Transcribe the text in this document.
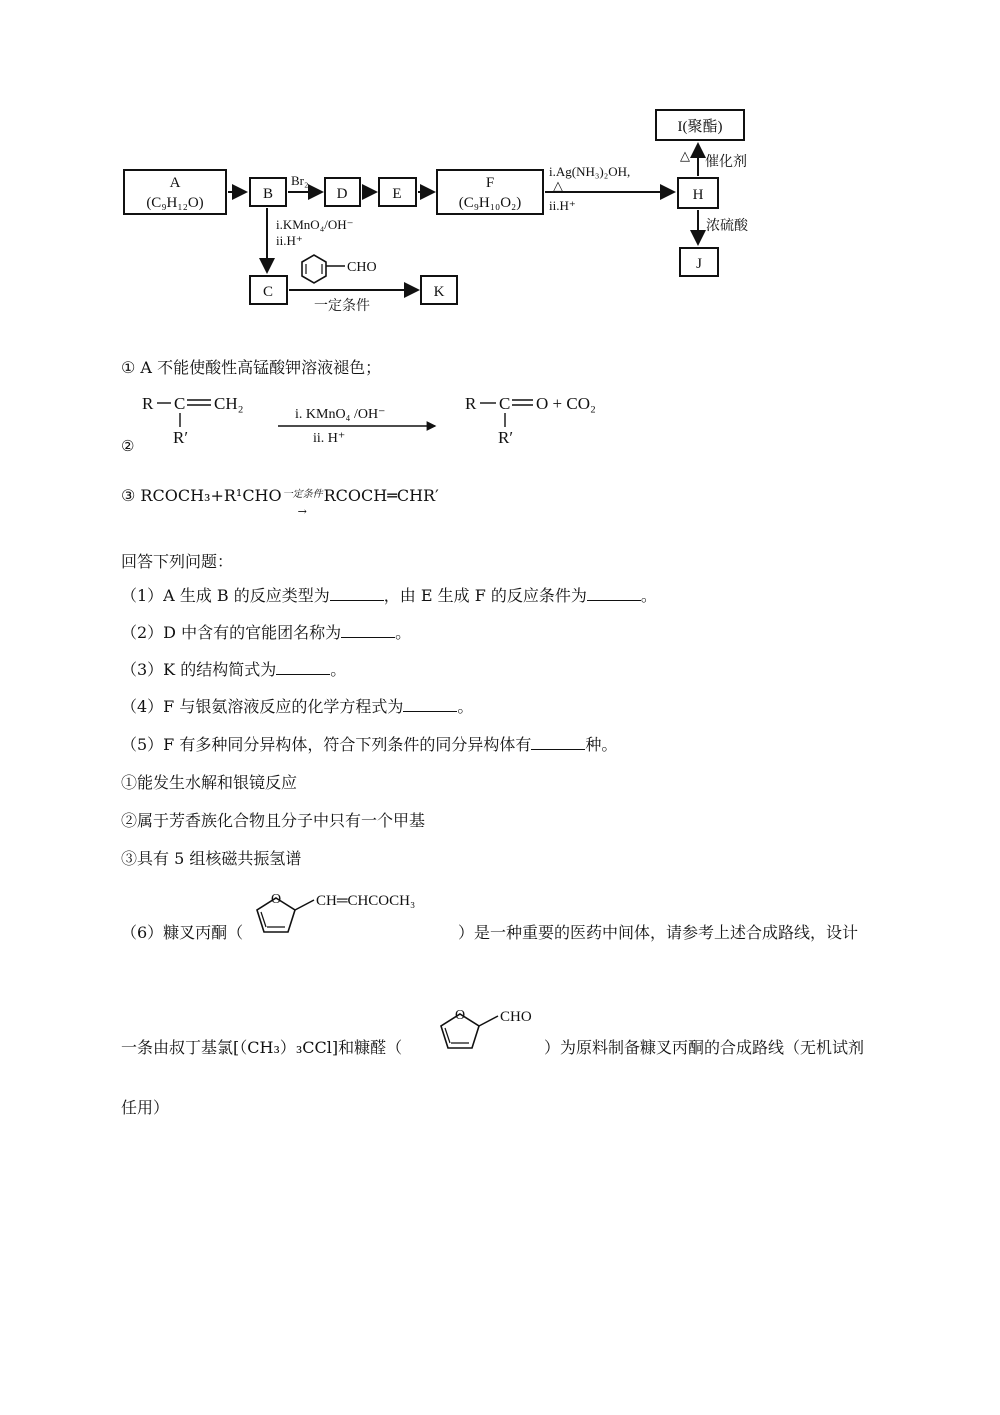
A
(C₉H₁₂O)
B
Br₂
D	E
F
(C₉H₁₀O₂)
i.Ag(NH₃)₂OH,
△
ii.H⁺
H
△ 催化剂
I(聚酯)
浓硫酸
J
i.KMnO₄/OH⁻
ii.H⁺
C
一定条件
CHO
K
① A 不能使酸性高锰酸钾溶液褪色；
②
R C CH₂
R′
i. KMnO₄ /OH⁻
ii. H⁺
R C O + CO₂
R′
③ $RCOCH_3+R^1CHO^{一定条件}$
→
RCOCH═CHR′
回答下列问题：
（1）A 生成 B 的反应类型为	，由 E 生成 F 的反应条件为	。
（2）D 中含有的官能团名称为	。
（3）K 的结构简式为	。
（4）F 与银氨溶液反应的化学方程式为	。
（5）F 有多种同分异构体，符合下列条件的同分异构体有	种。
①能发生水解和银镜反应
②属于芳香族化合物且分子中只有一个甲基
③具有 5 组核磁共振氢谱
（6）糠叉丙酮（
O CH═CHCOCH₃
）是一种重要的医药中间体，请参考上述合成路线，设计
一条由叔丁基氯[（CH₃）₃CCl]和糠醛（
O CHO
）为原料制备糠叉丙酮的合成路线（无机试剂
任用）
